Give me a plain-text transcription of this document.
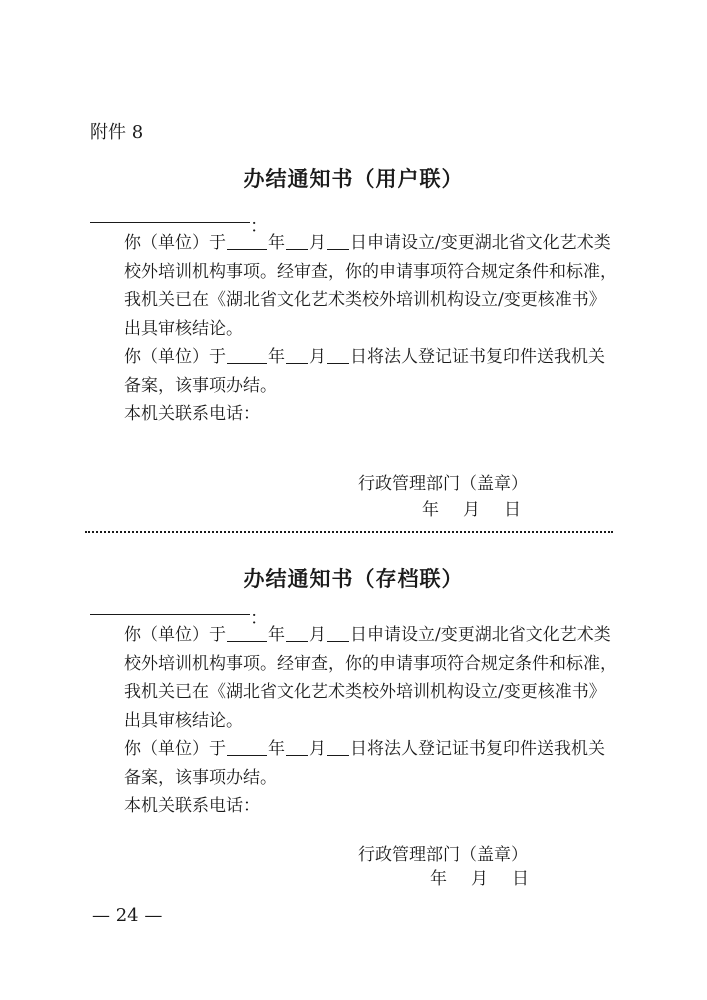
附件 8
办结通知书（用户联）
：

你（单位）于 年 月 日申请设立/变更湖北省文化艺术类校外培训机构事项。经审查，你的申请事项符合规定条件和标准，我机关已在《湖北省文化艺术类校外培训机构设立/变更核准书》出具审核结论。

你（单位）于 年 月 日将法人登记证书复印件送我机关备案，该事项办结。

本机关联系电话：

行政管理部门（盖章）
年 月 日
办结通知书（存档联）
：

你（单位）于 年 月 日申请设立/变更湖北省文化艺术类校外培训机构事项。经审查，你的申请事项符合规定条件和标准，我机关已在《湖北省文化艺术类校外培训机构设立/变更核准书》出具审核结论。

你（单位）于 年 月 日将法人登记证书复印件送我机关备案，该事项办结。

本机关联系电话：

行政管理部门（盖章）
年 月 日
— 24 —
